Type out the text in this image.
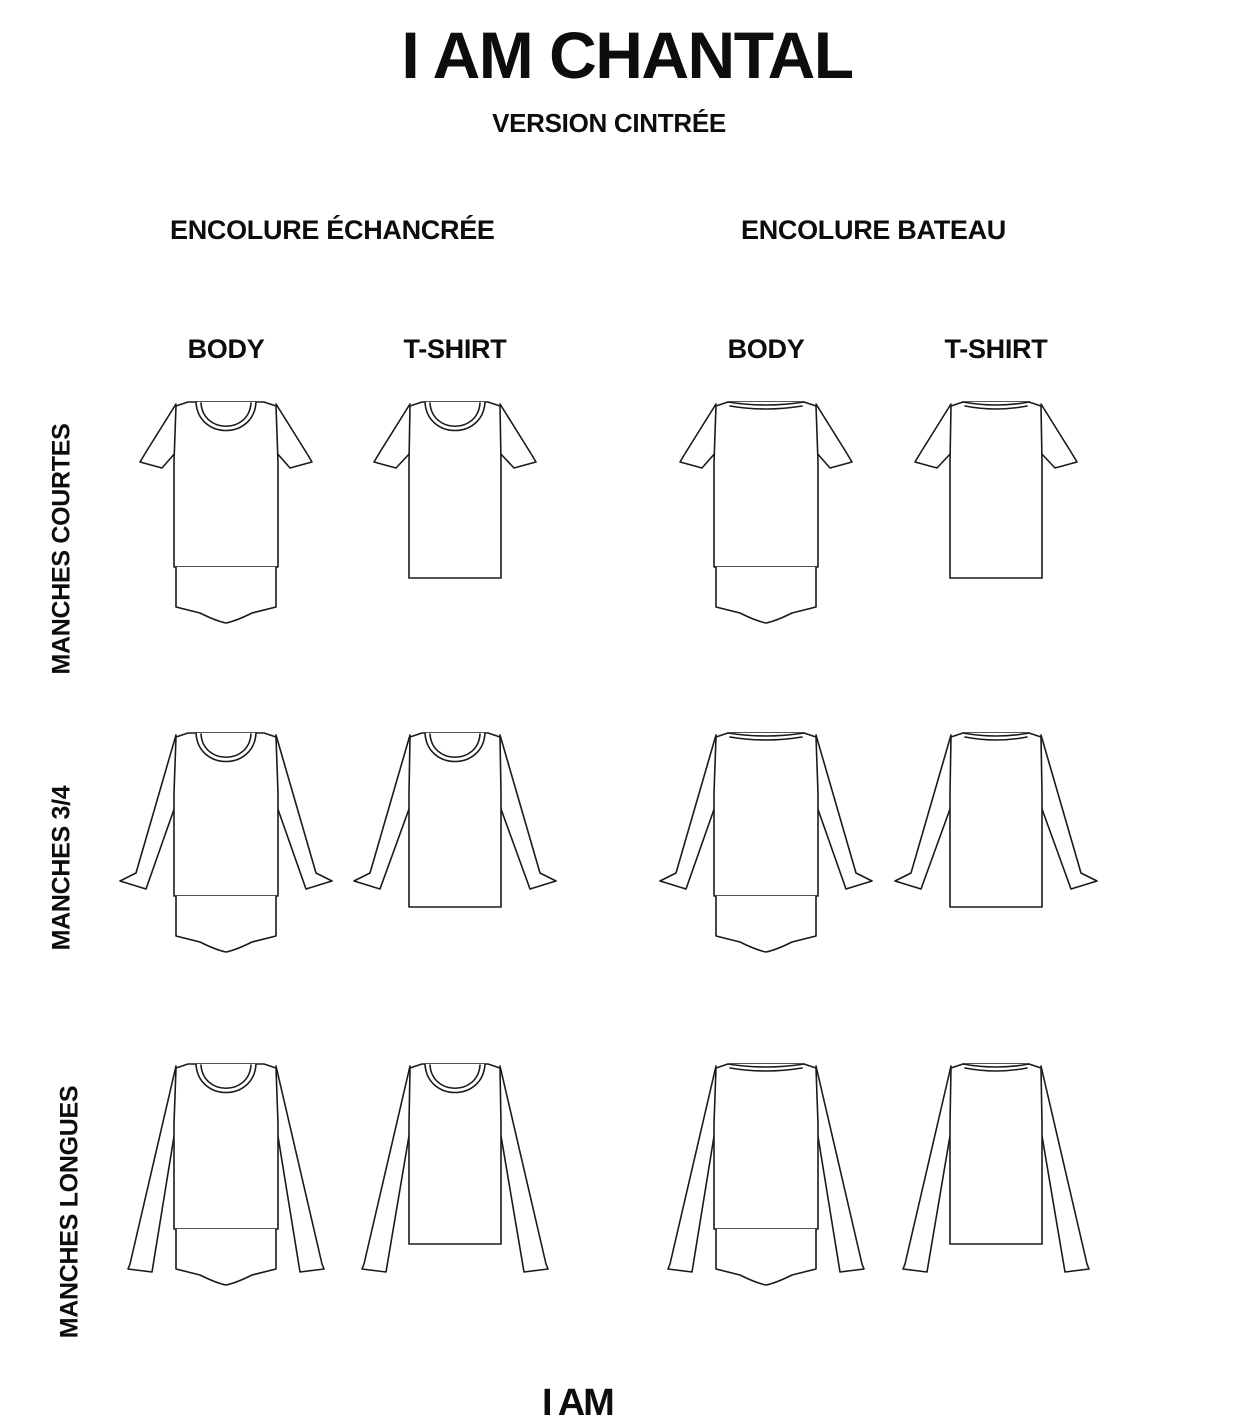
I AM CHANTAL
VERSION CINTRÉE
ENCOLURE ÉCHANCRÉE	ENCOLURE BATEAU
BODY	T-SHIRT	BODY	T-SHIRT
MANCHES COURTES
MANCHES 3/4
MANCHES LONGUES
I AM
